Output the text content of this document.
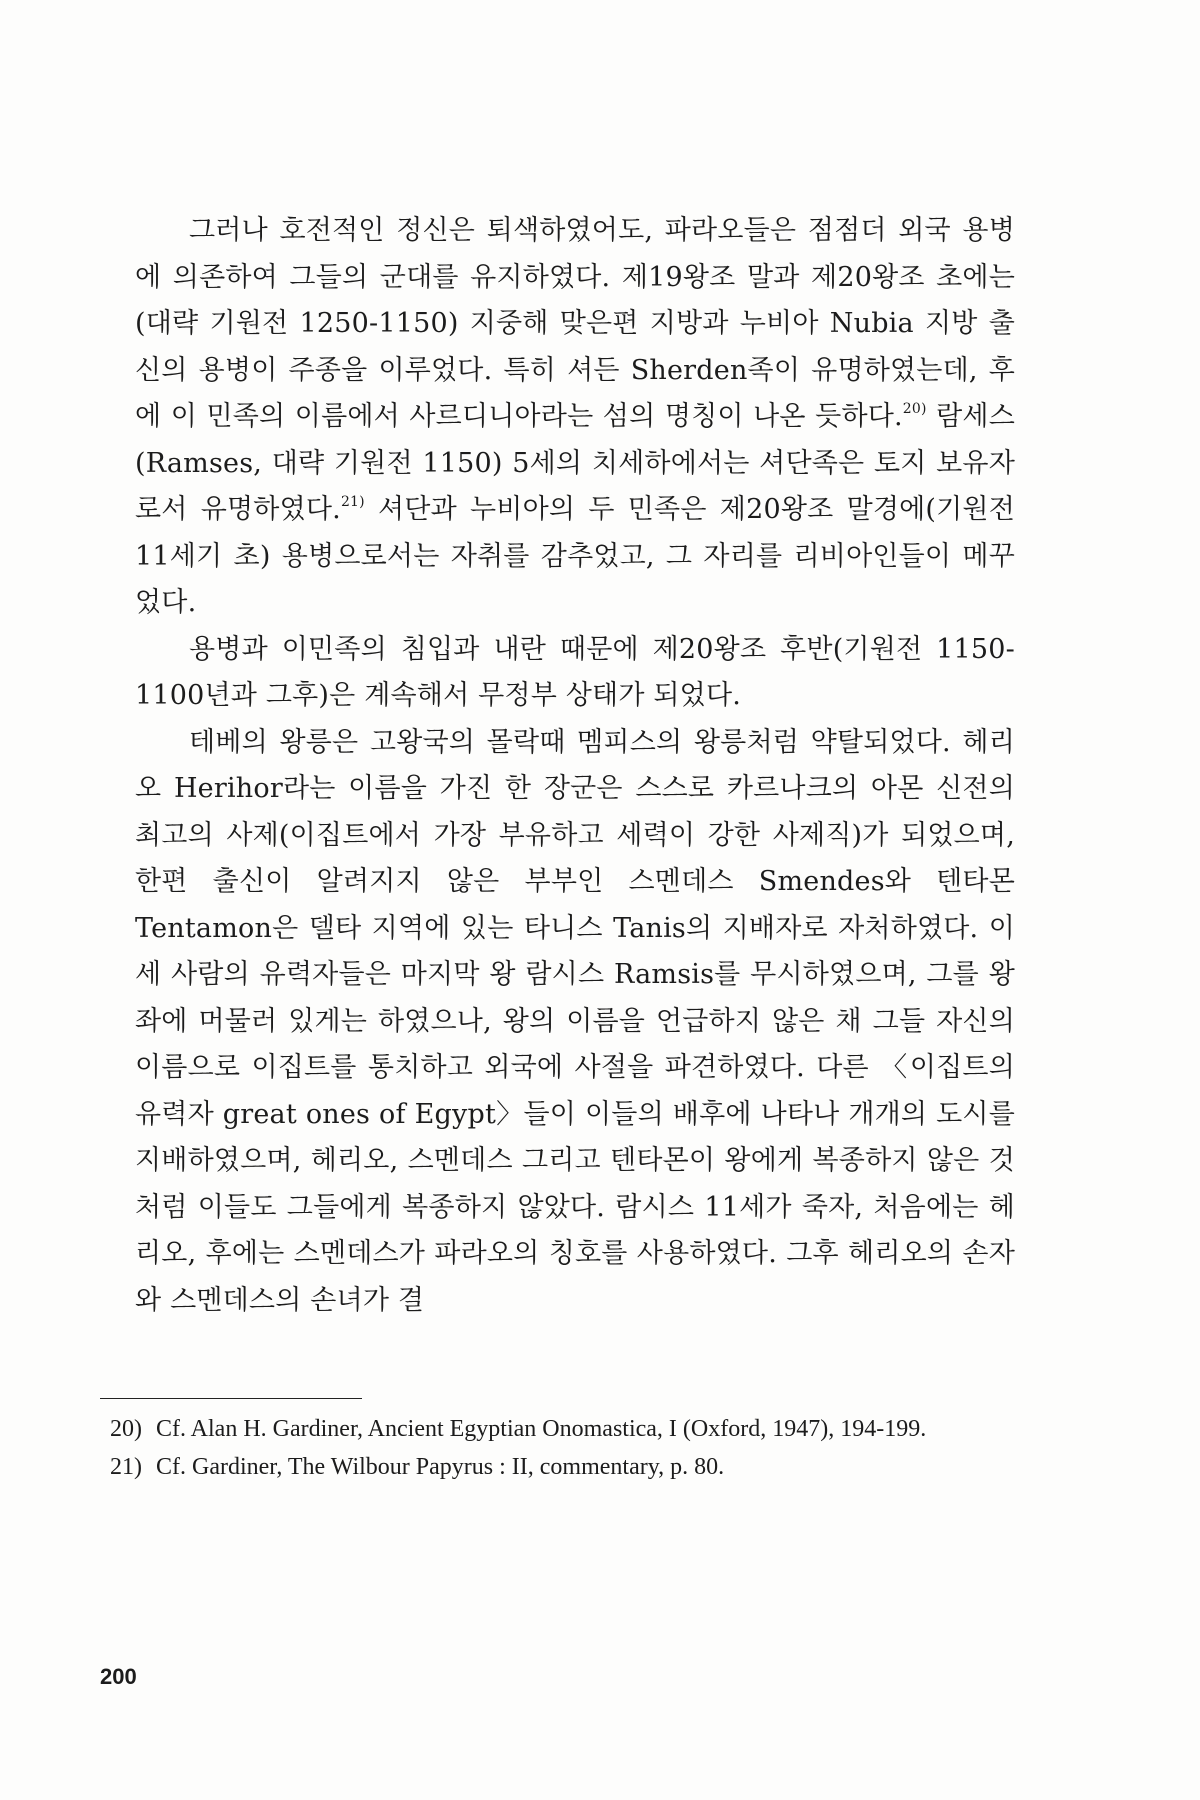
그러나 호전적인 정신은 퇴색하였어도, 파라오들은 점점더 외국 용병에 의존하여 그들의 군대를 유지하였다. 제19왕조 말과 제20왕조 초에는(대략 기원전 1250-1150) 지중해 맞은편 지방과 누비아 Nubia 지방 출신의 용병이 주종을 이루었다. 특히 셔든 Sherden족이 유명하였는데, 후에 이 민족의 이름에서 사르디니아라는 섬의 명칭이 나온 듯하다.$^{20)}$ 람세스(Ramses, 대략 기원전 1150) 5세의 치세하에서는 셔단족은 토지 보유자로서 유명하였다.$^{21)}$ 셔단과 누비아의 두 민족은 제20왕조 말경에(기원전 11세기 초) 용병으로서는 자취를 감추었고, 그 자리를 리비아인들이 메꾸었다.

용병과 이민족의 침입과 내란 때문에 제20왕조 후반(기원전 1150-1100년과 그후)은 계속해서 무정부 상태가 되었다.

테베의 왕릉은 고왕국의 몰락때 멤피스의 왕릉처럼 약탈되었다. 헤리오 Herihor라는 이름을 가진 한 장군은 스스로 카르나크의 아몬 신전의 최고의 사제(이집트에서 가장 부유하고 세력이 강한 사제직)가 되었으며, 한편 출신이 알려지지 않은 부부인 스멘데스 Smendes와 텐타몬 Tentamon은 델타 지역에 있는 타니스 Tanis의 지배자로 자처하였다. 이 세 사람의 유력자들은 마지막 왕 람시스 Ramsis를 무시하였으며, 그를 왕좌에 머물러 있게는 하였으나, 왕의 이름을 언급하지 않은 채 그들 자신의 이름으로 이집트를 통치하고 외국에 사절을 파견하였다. 다른 〈이집트의 유력자 great ones of Egypt〉들이 이들의 배후에 나타나 개개의 도시를 지배하였으며, 헤리오, 스멘데스 그리고 텐타몬이 왕에게 복종하지 않은 것처럼 이들도 그들에게 복종하지 않았다. 람시스 11세가 죽자, 처음에는 헤리오, 후에는 스멘데스가 파라오의 칭호를 사용하였다. 그후 헤리오의 손자와 스멘데스의 손녀가 결

20) Cf. Alan H. Gardiner, Ancient Egyptian Onomastica, I (Oxford, 1947), 194-199.
21) Cf. Gardiner, The Wilbour Papyrus : II, commentary, p. 80.
200
